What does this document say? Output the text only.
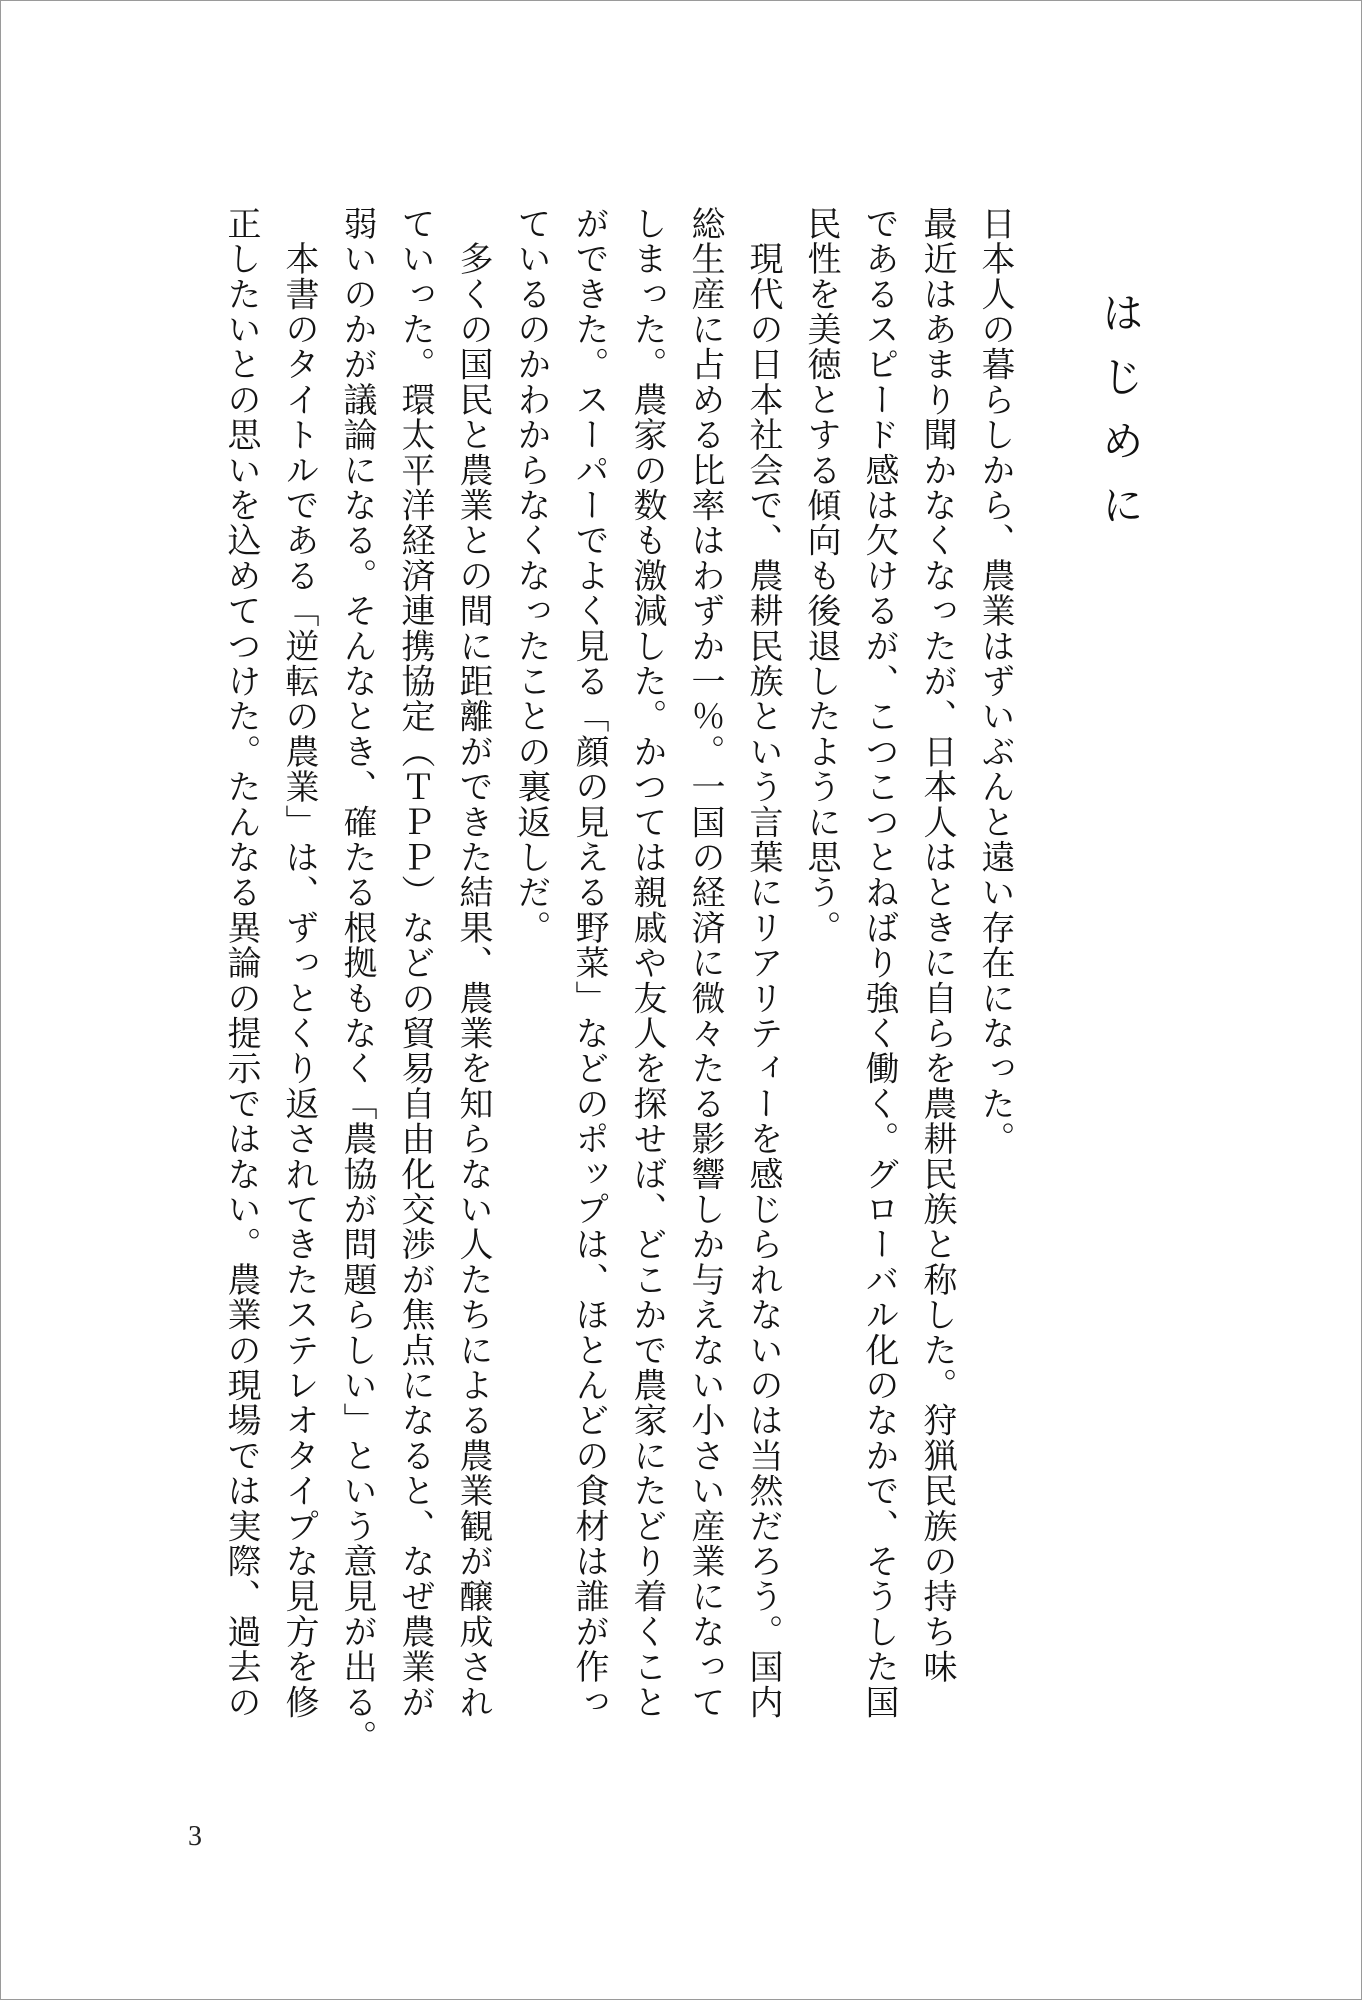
はじめに
日本人の暮らしから、農業はずいぶんと遠い存在になった。
最近はあまり聞かなくなったが、日本人はときに自らを農耕民族と称した。狩猟民族の持ち味
であるスピード感は欠けるが、こつこつとねばり強く働く。グローバル化のなかで、そうした国
民性を美徳とする傾向も後退したように思う。
　現代の日本社会で、農耕民族という言葉にリアリティーを感じられないのは当然だろう。国内
総生産に占める比率はわずか一％。一国の経済に微々たる影響しか与えない小さい産業になって
しまった。農家の数も激減した。かつては親戚や友人を探せば、どこかで農家にたどり着くこと
ができた。スーパーでよく見る「顔の見える野菜」などのポップは、ほとんどの食材は誰が作っ
ているのかわからなくなったことの裏返しだ。
　多くの国民と農業との間に距離ができた結果、農業を知らない人たちによる農業観が醸成され
ていった。環太平洋経済連携協定（ＴＰＰ）などの貿易自由化交渉が焦点になると、なぜ農業が
弱いのかが議論になる。そんなとき、確たる根拠もなく「農協が問題らしい」という意見が出る。
　本書のタイトルである「逆転の農業」は、ずっとくり返されてきたステレオタイプな見方を修
正したいとの思いを込めてつけた。たんなる異論の提示ではない。農業の現場では実際、過去の
3
